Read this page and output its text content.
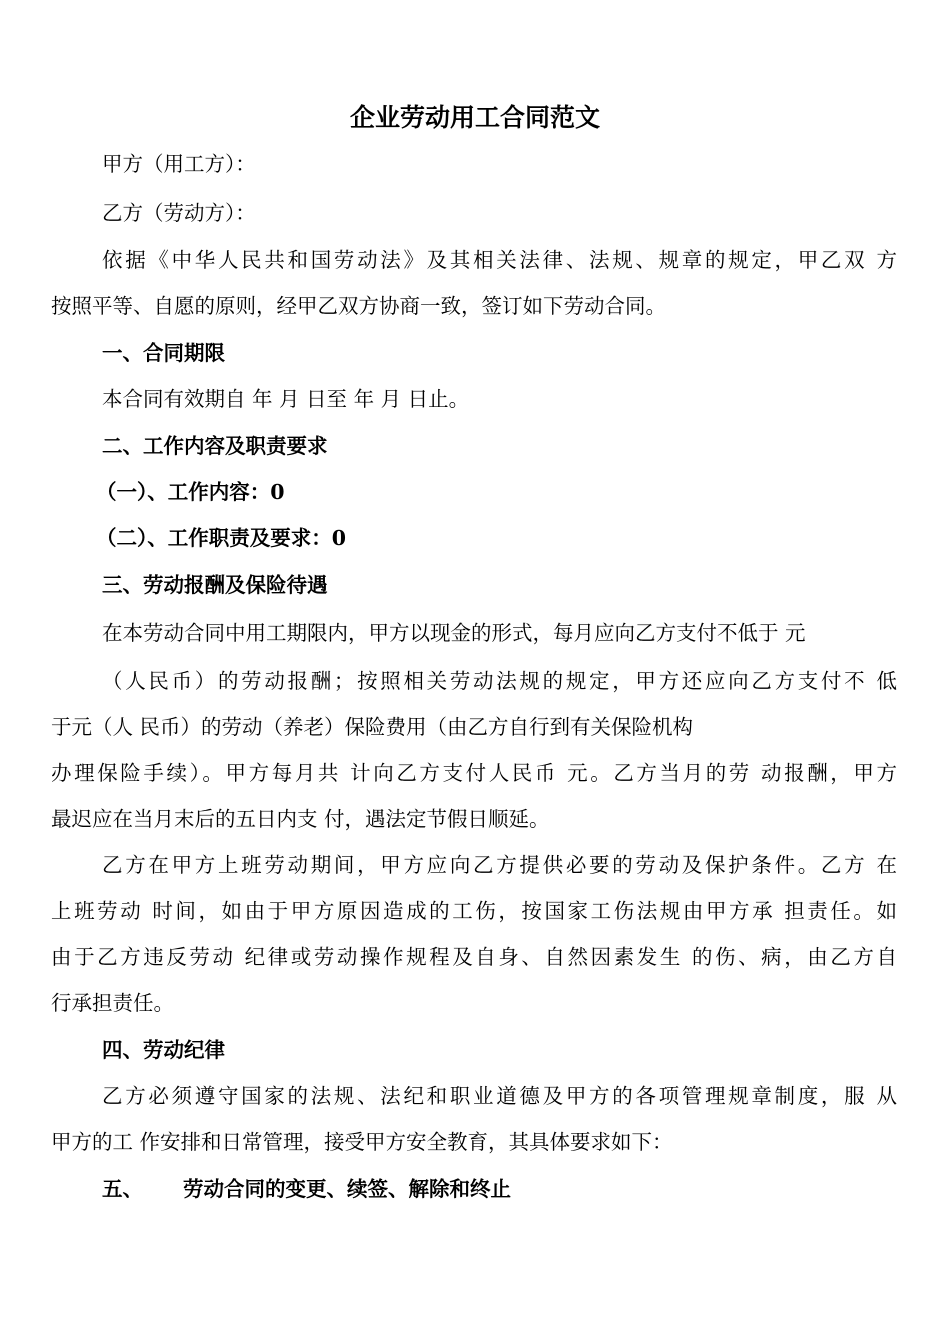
企业劳动用工合同范文
甲方（用工方）：
乙方（劳动方）：
依据《中华人民共和国劳动法》及其相关法律、法规、规章的规定，甲乙双 方
按照平等、自愿的原则，经甲乙双方协商一致，签订如下劳动合同。
一、合同期限
本合同有效期自 年 月 日至 年 月 日止。
二、工作内容及职责要求
（一）、工作内容：0
（二）、工作职责及要求：0
三、劳动报酬及保险待遇
在本劳动合同中用工期限内，甲方以现金的形式，每月应向乙方支付不低于 元
（人民币）的劳动报酬；按照相关劳动法规的规定，甲方还应向乙方支付不 低
于元（人 民币）的劳动（养老）保险费用（由乙方自行到有关保险机构
办理保险手续）。甲方每月共 计向乙方支付人民币 元。乙方当月的劳 动报酬，甲方
最迟应在当月末后的五日内支 付，遇法定节假日顺延。
乙方在甲方上班劳动期间，甲方应向乙方提供必要的劳动及保护条件。乙方 在
上班劳动 时间，如由于甲方原因造成的工伤，按国家工伤法规由甲方承 担责任。如
由于乙方违反劳动 纪律或劳动操作规程及自身、自然因素发生 的伤、病，由乙方自
行承担责任。
四、劳动纪律
乙方必须遵守国家的法规、法纪和职业道德及甲方的各项管理规章制度，服 从
甲方的工 作安排和日常管理，接受甲方安全教育，其具体要求如下：
五、 劳动合同的变更、续签、解除和终止
